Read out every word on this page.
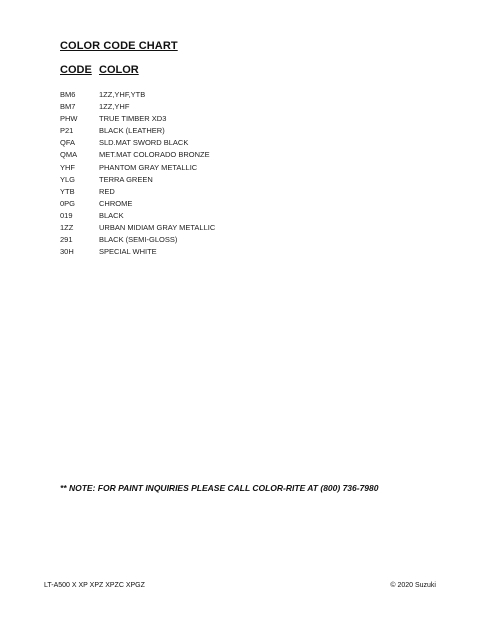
COLOR CODE CHART
CODE COLOR
BM6	1ZZ,YHF,YTB
BM7	1ZZ,YHF
PHW	TRUE TIMBER XD3
P21	BLACK (LEATHER)
QFA	SLD.MAT SWORD BLACK
QMA	MET.MAT COLORADO BRONZE
YHF	PHANTOM GRAY METALLIC
YLG	TERRA GREEN
YTB	RED
0PG	CHROME
019	BLACK
1ZZ	URBAN MIDIAM GRAY METALLIC
291	BLACK (SEMI-GLOSS)
30H	SPECIAL WHITE
** NOTE: FOR PAINT INQUIRIES PLEASE CALL COLOR-RITE AT (800) 736-7980
LT-A500 X XP XPZ XPZC XPGZ	© 2020 Suzuki
